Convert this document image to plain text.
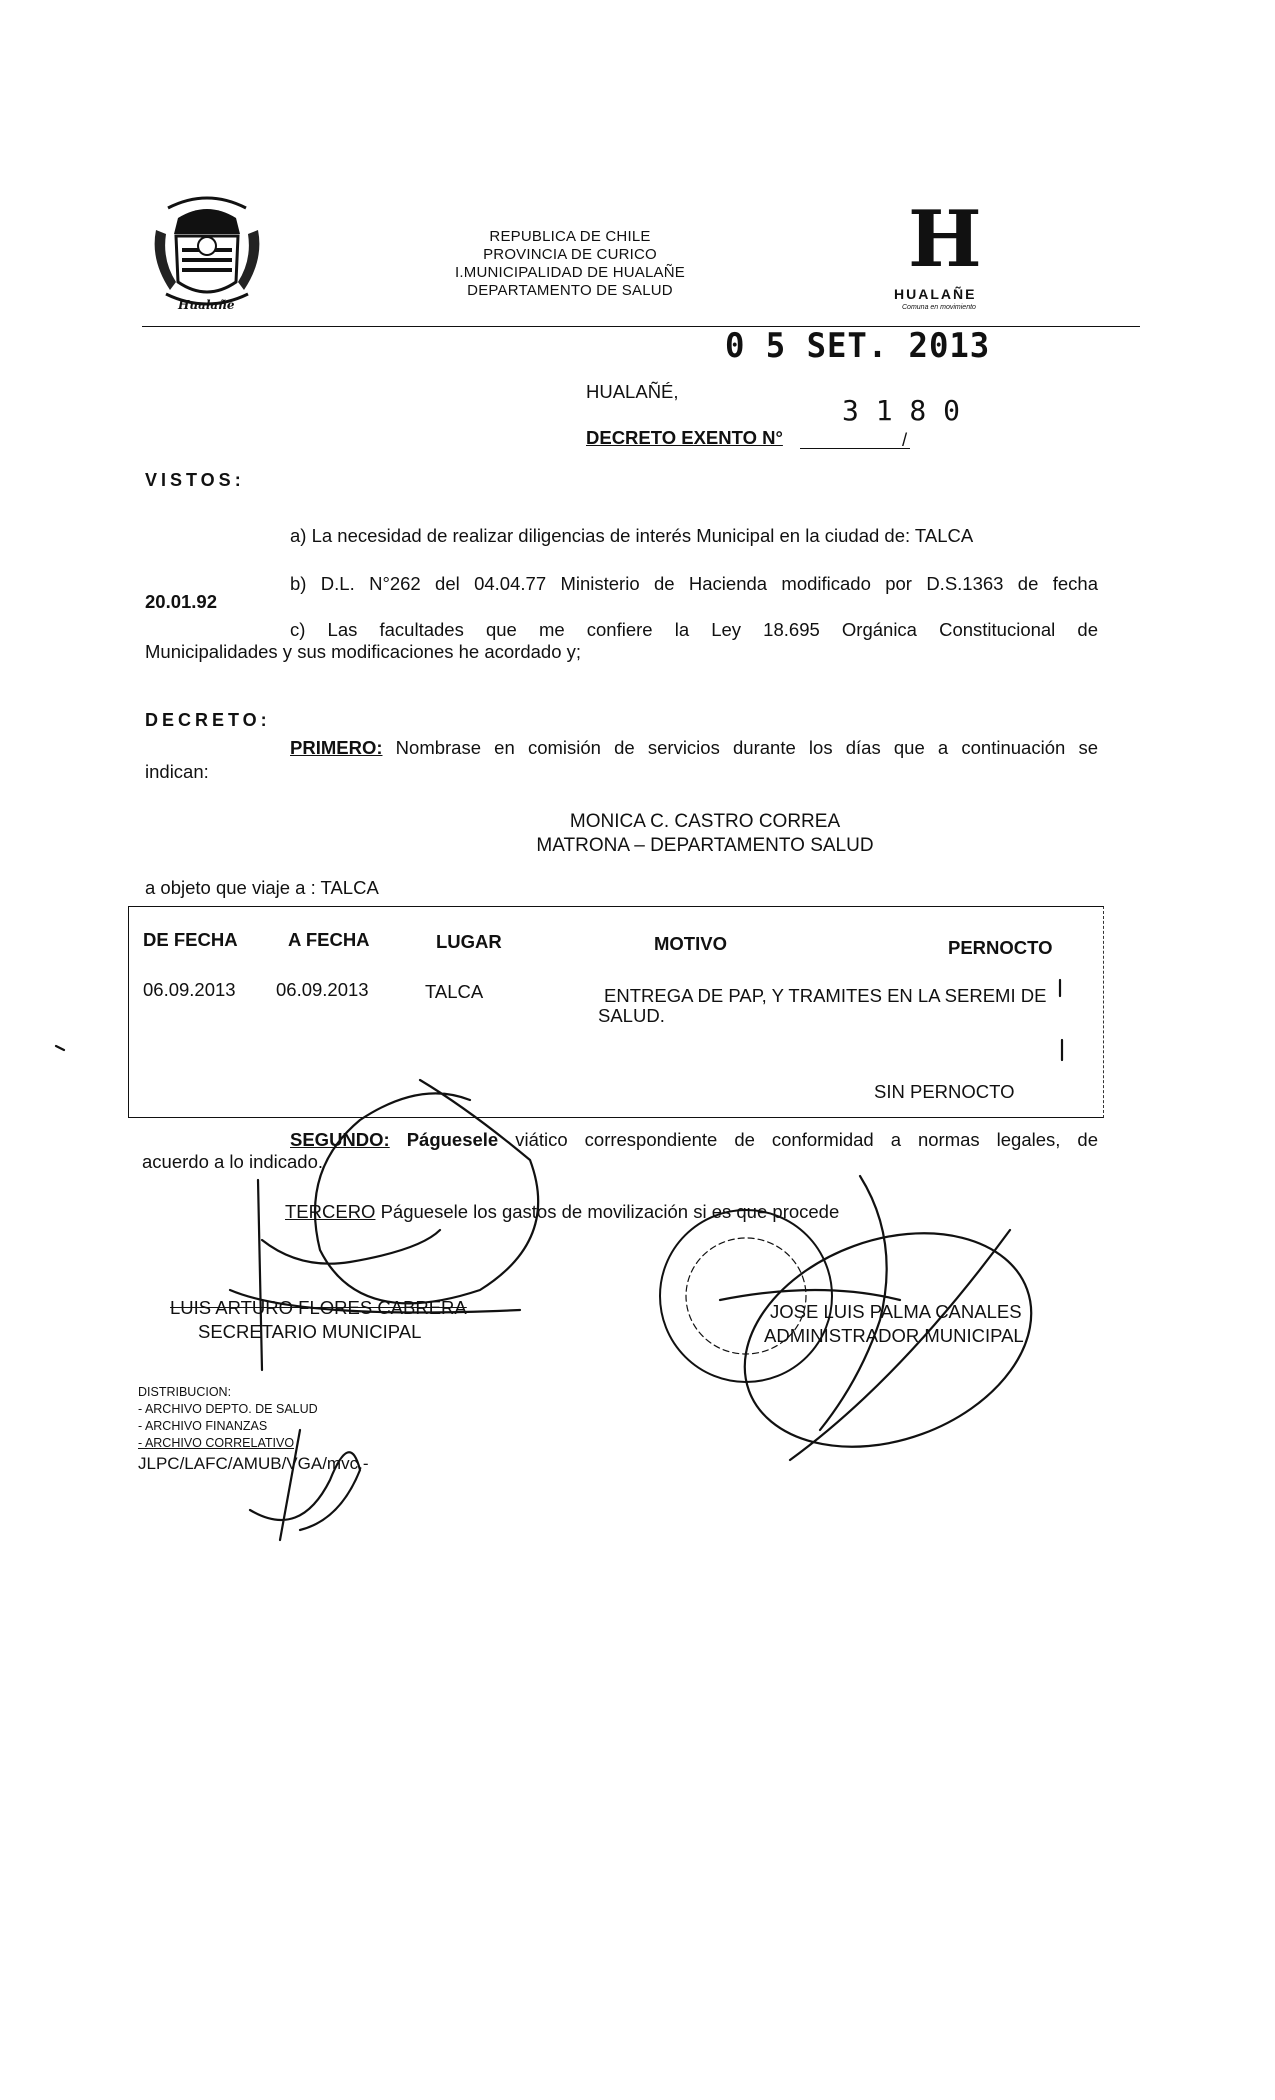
Hualañé
H
HUALAÑE
Comuna en movimiento
REPUBLICA DE CHILE
PROVINCIA DE CURICO
I.MUNICIPALIDAD DE HUALAÑE
DEPARTAMENTO DE SALUD
0 5 SET. 2013
HUALAÑÉ,
3 1 8 0
DECRETO EXENTO N°	/
VISTOS:
a) La necesidad de realizar diligencias de interés Municipal en la ciudad de: TALCA
b) D.L. N°262 del 04.04.77 Ministerio de Hacienda modificado por D.S.1363 de fecha
20.01.92
c) Las facultades que me confiere la Ley 18.695 Orgánica Constitucional de
Municipalidades y sus modificaciones he acordado y;
DECRETO:
PRIMERO: Nombrase en comisión de servicios durante los días que a continuación se
indican:
MONICA C. CASTRO CORREA
MATRONA – DEPARTAMENTO SALUD
a objeto que viaje a : TALCA
DE FECHA	A FECHA	LUGAR	MOTIVO	PERNOCTO
06.09.2013 06.09.2013	TALCA	ENTREGA DE PAP, Y TRAMITES EN LA SEREMI DE
SALUD.
SIN PERNOCTO
SEGUNDO: Páguesele viático correspondiente de conformidad a normas legales, de
acuerdo a lo indicado.
TERCERO Páguesele los gastos de movilización si es que procede
LUIS ARTURO FLORES CABRERA
SECRETARIO MUNICIPAL
JOSE LUIS PALMA CANALES
ADMINISTRADOR MUNICIPAL
DISTRIBUCION:
- ARCHIVO DEPTO. DE SALUD
- ARCHIVO FINANZAS
- ARCHIVO CORRELATIVO
JLPC/LAFC/AMUB/VGA/mvc.-
